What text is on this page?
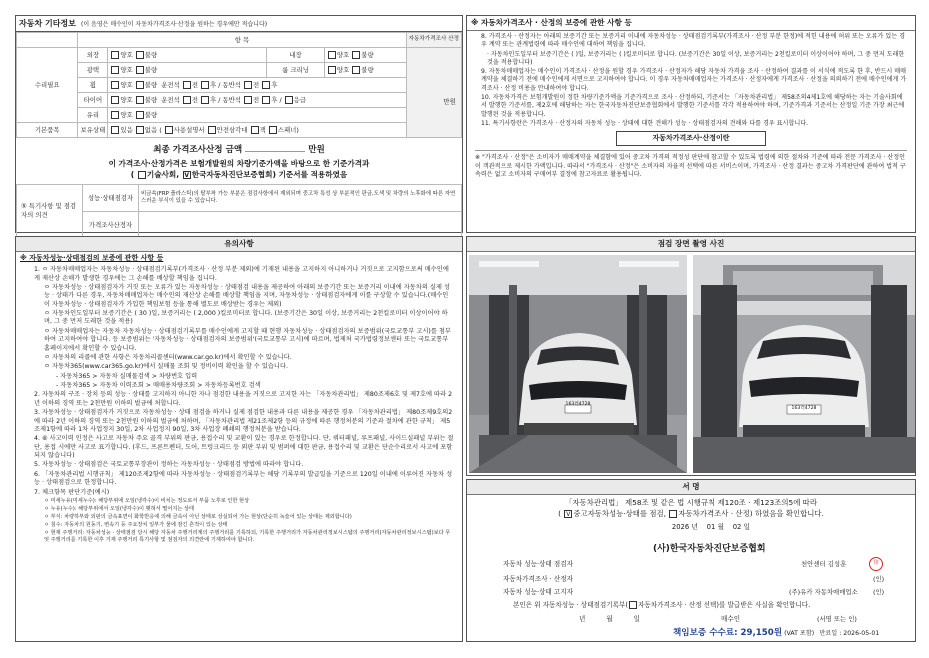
자동차 기타정보 (이 음영은 매수인이 자동차가격조사·산정을 원하는 경우에만 적습니다)
	항 목				자동차가격조사 산정
수리필요	외장	양호 불량	내장	양호 불량	
	광택	양호 불량	룸 크리닝	양호 불량	
	휠	양호 불량 운전석 전 후 / 동반석 전 후			
	타이어	양호 불량 운전석 전 후 / 동반석 전 후 / 응급			
	유리	양호 불량			
기본품목	보유상태	있음 없음 ( 사용설명서 안전삼각대 잭 스패너)			
만원
최종 가격조사산정 금액	만원
이 가격조사·산정가격은 보험개발원의 차량기준가액을 바탕으로 한 기준가격과
( 기술사회, V 한국자동차진단보증협회) 기준서를 적용하였음
⑤ 특기사항 및 점검자의 의견	성능·상태점검자	비금속(FRP 플라스틱)의 탈부착 가능 부분은 점검사항에서 제외되며 중고차 특성 상 부분적인 판금,도색 및 차량의 노후화에 따른 자연스러운 부식이 있을 수 있습니다.
	가격조사산정자	
※ 자동차가격조사 · 산정의 보증에 관한 사항 등
8. 가격조사 · 산정자는 아래의 보증기간 또는 보증거리 이내에 자동차성능 · 상태점검기록부(가격조사 · 산정 부분 한정)에 적힌 내용에 허위 또는 오류가 있는 경우 계약 또는 관계법령에 따라 매수인에 대하여 책임을 집니다.
· 자동차인도일부터 보증기간은 ( )일, 보증거리는 ( )킬로미터로 합니다. (보증기간은 30일 이상, 보증거리는 2천킬로미터 이상이어야 하며, 그 중 먼저 도래한 것을 적용합니다)
9. 자동차매매업자는 매수인이 가격조사 · 산정을 원할 경우 가격조사 · 산정자가 해당 자동차 가격을 조사 · 산정하여 결과를 이 서식에 적도록 한 후, 반드시 매매계약을 체결하기 전에 매수인에게 서면으로 고지하여야 합니다. 이 경우 자동차매매업자는 가격조사 · 산정자에게 가격조사 · 산정을 의뢰하기 전에 매수인에게 가격조사 · 산정 비용을 안내하여야 합니다.
10. 자동차가격은 보험개발원이 정한 차량기준가액을 기준가격으로 조사 · 산정하되, 기준서는 「자동차관리법」 제58조의4제1호에 해당하는 자는 기술사회에서 발행한 기준서를, 제2호에 해당하는 자는 한국자동차진단보증협회에서 발행한 기준서를 각각 적용하여야 하며, 기준가격과 기준서는 산정일 기준 가장 최근에 발행된 것을 적용합니다.
11. 특기사항란은 가격조사 · 산정자의 자동차 성능 · 상태에 대한 견해가 성능 · 상태점검자의 견해와 다를 경우 표시합니다.
자동차가격조사·산정이란
※ "가격조사 · 산정"은 소비자가 매매계약을 체결함에 있어 중고차 가격의 적정성 판단에 참고할 수 있도록 법령에 의한 절차와 기준에 따라 전문 가격조사 · 산정인이 객관적으로 제시한 가액입니다. 따라서 "가격조사 · 산정"은 소비자의 자율적 선택에 따른 서비스이며, 가격조사 · 산정 결과는 중고차 가격판단에 관하여 법적 구속력은 없고 소비자의 구매여부 결정에 참고자료로 활용됩니다.
유의사항
※ 자동차성능·상태점검의 보증에 관한 사항 등
1. ㅇ 자동차매매업자는 자동차성능 · 상태점검기록부(가격조사 · 산정 부분 제외)에 기재된 내용을 고지하지 아니하거나 거짓으로 고지함으로써 매수인에게 재산상 손해가 발생한 경우에는 그 손해를 배상할 책임을 집니다.
ㅇ 자동차성능 · 상태점검자가 거짓 또는 오류가 있는 자동차성능 · 상태점검 내용을 제공하여 아래의 보증기간 또는 보증거리 이내에 자동차의 실제 성능 · 상태가 다른 경우, 자동차매매업자는 매수인의 재산상 손해를 배상할 책임을 지며, 자동차성능 · 상태점검자에게 이를 구상할 수 있습니다.(매수인이 자동차성능 · 상태점검자가 가입한 책임보험 등을 통해 별도로 배상받는 경우는 제외)
ㅇ 자동차인도일부터 보증기간은 ( 30 )일, 보증거리는 ( 2,000 )킬로미터로 합니다. (보증기간은 30일 이상, 보증거리는 2천킬로미터 이상이어야 하며, 그 중 먼저 도래한 것을 적용)
ㅇ 자동차매매업자는 자동차 자동차성능 · 상태점검기록부를 매수인에게 고지할 때 현행 자동차성능 · 상태점검자의 보증범위(국토교통부 고시)를 첨부하여 고지하여야 합니다. 등 보증범위는 '자동차성능 · 상태점검자의 보증범위'(국토교통부 고시)에 따르며, 법제처 국가법령정보센터 또는 국토교통부 홈페이지에서 확인할 수 있습니다.
ㅇ 자동차의 리콜에 관한 사항은 자동차리콜센터(www.car.go.kr)에서 확인할 수 있습니다.
ㅇ 자동차365(www.car365.go.kr)에서 실매물 조회 및 정비이력 확인을 할 수 있습니다.
- 자동차365 > 자동차 실매물검색 > 차량번호 입력
- 자동차365 > 자동차 이력조회 > 매매용차량조회 > 자동차등록번호 검색
2. 자동차의 구조 · 장치 등의 성능 · 상태를 고지하지 아니한 자나 점검한 내용을 거짓으로 고지한 자는 「자동차관리법」 제80조제6호 및 제7호에 따라 2년 이하의 징역 또는 2천만원 이하의 벌금에 처합니다.
3. 자동차성능 · 상태점검자가 거짓으로 자동차성능 · 상태 점검을 하거나 실제 점검한 내용과 다른 내용을 제공한 경우 「자동차관리법」 제80조제9호의2에 따라 2년 이하의 징역 또는 2천만원 이하의 벌금에 처하며, 「자동차관리법 제21조제2항 등의 규정에 따른 행정처분의 기준과 절차에 관한 규칙」 제5조제1항에 따라 1차 사업정지 30일, 2차 사업정지 90일, 3차 사업장 폐쇄의 행정처분을 받습니다.
4. ⑥ 사고이력 인정은 사고로 자동차 주요 골격 부위의 판금, 용접수리 및 교환이 있는 경우로 한정합니다. 단, 쿼터패널, 루프패널, 사이드실패널 부위는 절단, 용접 시에만 사고로 표기합니다. (후드, 프론트펜더, 도어, 트렁크리드 등 외판 부위 및 범퍼에 대한 판금, 용접수리 및 교환은 단순수리로서 사고에 포함되지 않습니다)
5. 자동차성능 · 상태점검은 국토교통부장관이 정하는 자동차성능 · 상태점검 방법에 따라야 합니다.
6. 「자동차관리법 시행규칙」 제120조제2항에 따라 자동차성능 · 상태점검기록부는 해당 기록부의 발급일을 기준으로 120일 이내에 이루어진 자동차 성능 · 상태점검으로 한정합니다.
7. 체크항목 판단기준(예시)
ㅇ 미세누유(미세누수): 해당부위에 오일(냉각수)이 비치는 정도로서 부품 노후로 인한 현상
ㅇ 누유(누수): 해당부위에서 오일(냉각수)이 맺혀서 떨어지는 상태
ㅇ 부식: 차량하부와 외판의 금속표면이 화학반응에 의해 금속이 아닌 상태로 상실되어 가는 현상(단순히 녹슬어 있는 상태는 제외합니다)
ㅇ 침수: 자동차의 원동기, 변속기 등 주요장치 일부가 물에 잠긴 흔적이 있는 상태
ㅇ 현재 주행거리: 자동차성능 · 상태점검 당시 해당 자동차 주행거리계의 주행거리를 기록하되, 기록한 주행거리가 자동차관리정보시스템의 주행거리(자동차관리정보시스템)보다 무엇 주행거리를 기록한 이후 기재 주행거리 특기사항 및 점검자의 의견란에 기재하여야 합니다.
점검 장면 촬영 사진
163러4728
163러4728
서 명
「자동차관리법」 제58조 및 같은 법 시행규칙 제120조 · 제123조의5에 따라
( V 중고자동차성능·상태를 점검, 자동차가격조사 · 산정) 하였음을 확인합니다.
2026 년 01 월 02 일
(사)한국자동차진단보증협회
자동차 성능·상태 점검자	천안센터 김성훈	印
자동차가격조사 · 산정자	(인)
자동차 성능·상태 고지자	(주)유카 자동차매매업소 (인)
본인은 위 자동차성능 · 상태점검기록부( 자동차가격조사 · 산정 선택)를 발급받은 사실을 확인합니다.
년          월          일	매수인	(서명 또는 인)
책임보증 수수료: 29,150원 (VAT 포함) 만료일 : 2026-05-01
